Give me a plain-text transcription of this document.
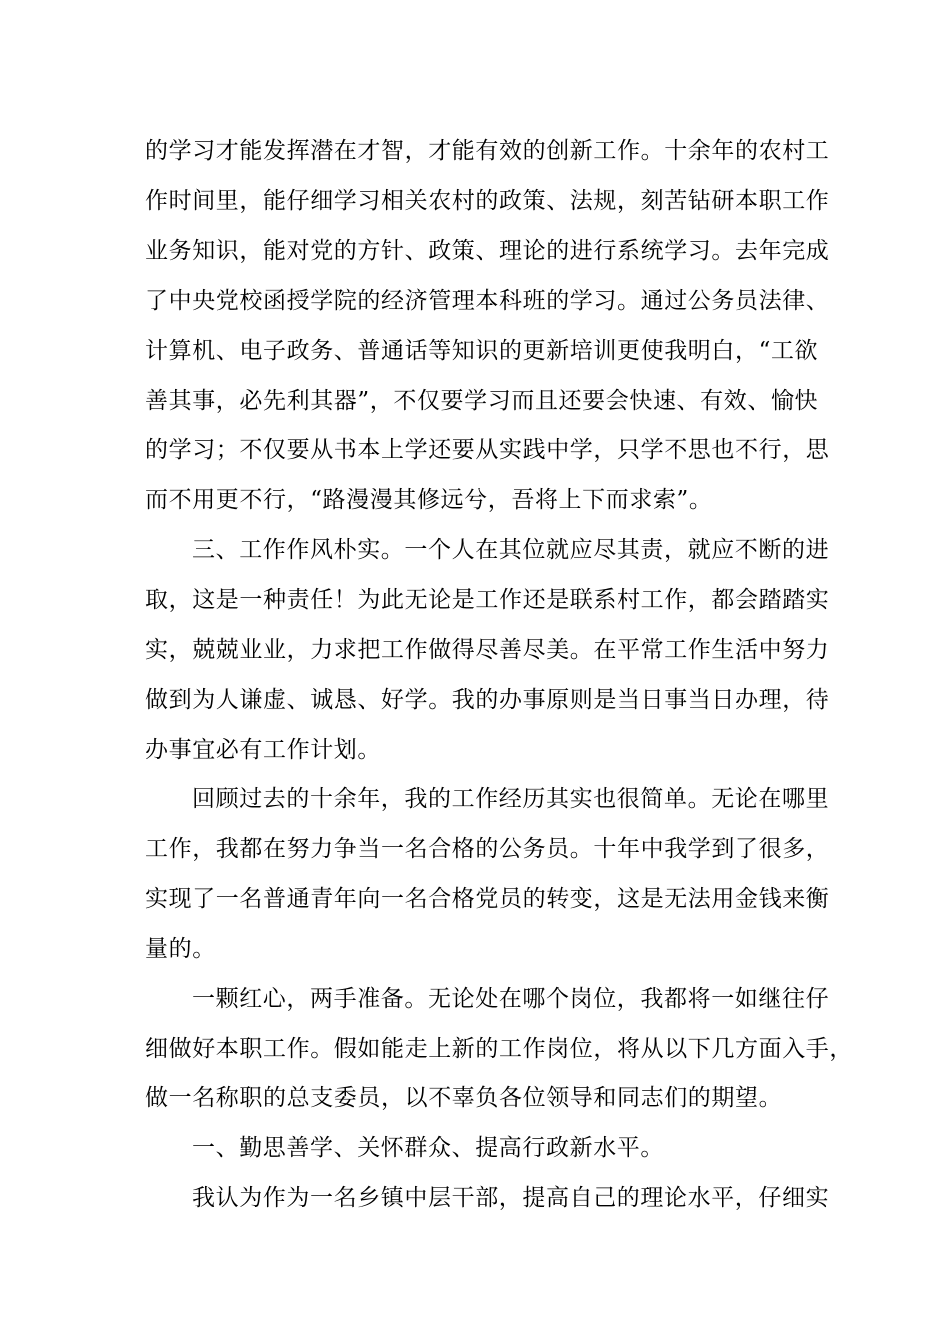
的学习才能发挥潜在才智，才能有效的创新工作。十余年的农村工
作时间里，能仔细学习相关农村的政策、法规，刻苦钻研本职工作
业务知识，能对党的方针、政策、理论的进行系统学习。去年完成
了中央党校函授学院的经济管理本科班的学习。通过公务员法律、
计算机、电子政务、普通话等知识的更新培训更使我明白，“工欲
善其事，必先利其器”，不仅要学习而且还要会快速、有效、愉快
的学习；不仅要从书本上学还要从实践中学，只学不思也不行，思
而不用更不行，“路漫漫其修远兮，吾将上下而求索”。
三、工作作风朴实。一个人在其位就应尽其责，就应不断的进
取，这是一种责任！为此无论是工作还是联系村工作，都会踏踏实
实，兢兢业业，力求把工作做得尽善尽美。在平常工作生活中努力
做到为人谦虚、诚恳、好学。我的办事原则是当日事当日办理，待
办事宜必有工作计划。
回顾过去的十余年，我的工作经历其实也很简单。无论在哪里
工作，我都在努力争当一名合格的公务员。十年中我学到了很多，
实现了一名普通青年向一名合格党员的转变，这是无法用金钱来衡
量的。
一颗红心，两手准备。无论处在哪个岗位，我都将一如继往仔
细做好本职工作。假如能走上新的工作岗位，将从以下几方面入手，
做一名称职的总支委员，以不辜负各位领导和同志们的期望。
一、勤思善学、关怀群众、提高行政新水平。
我认为作为一名乡镇中层干部，提高自己的理论水平，仔细实
